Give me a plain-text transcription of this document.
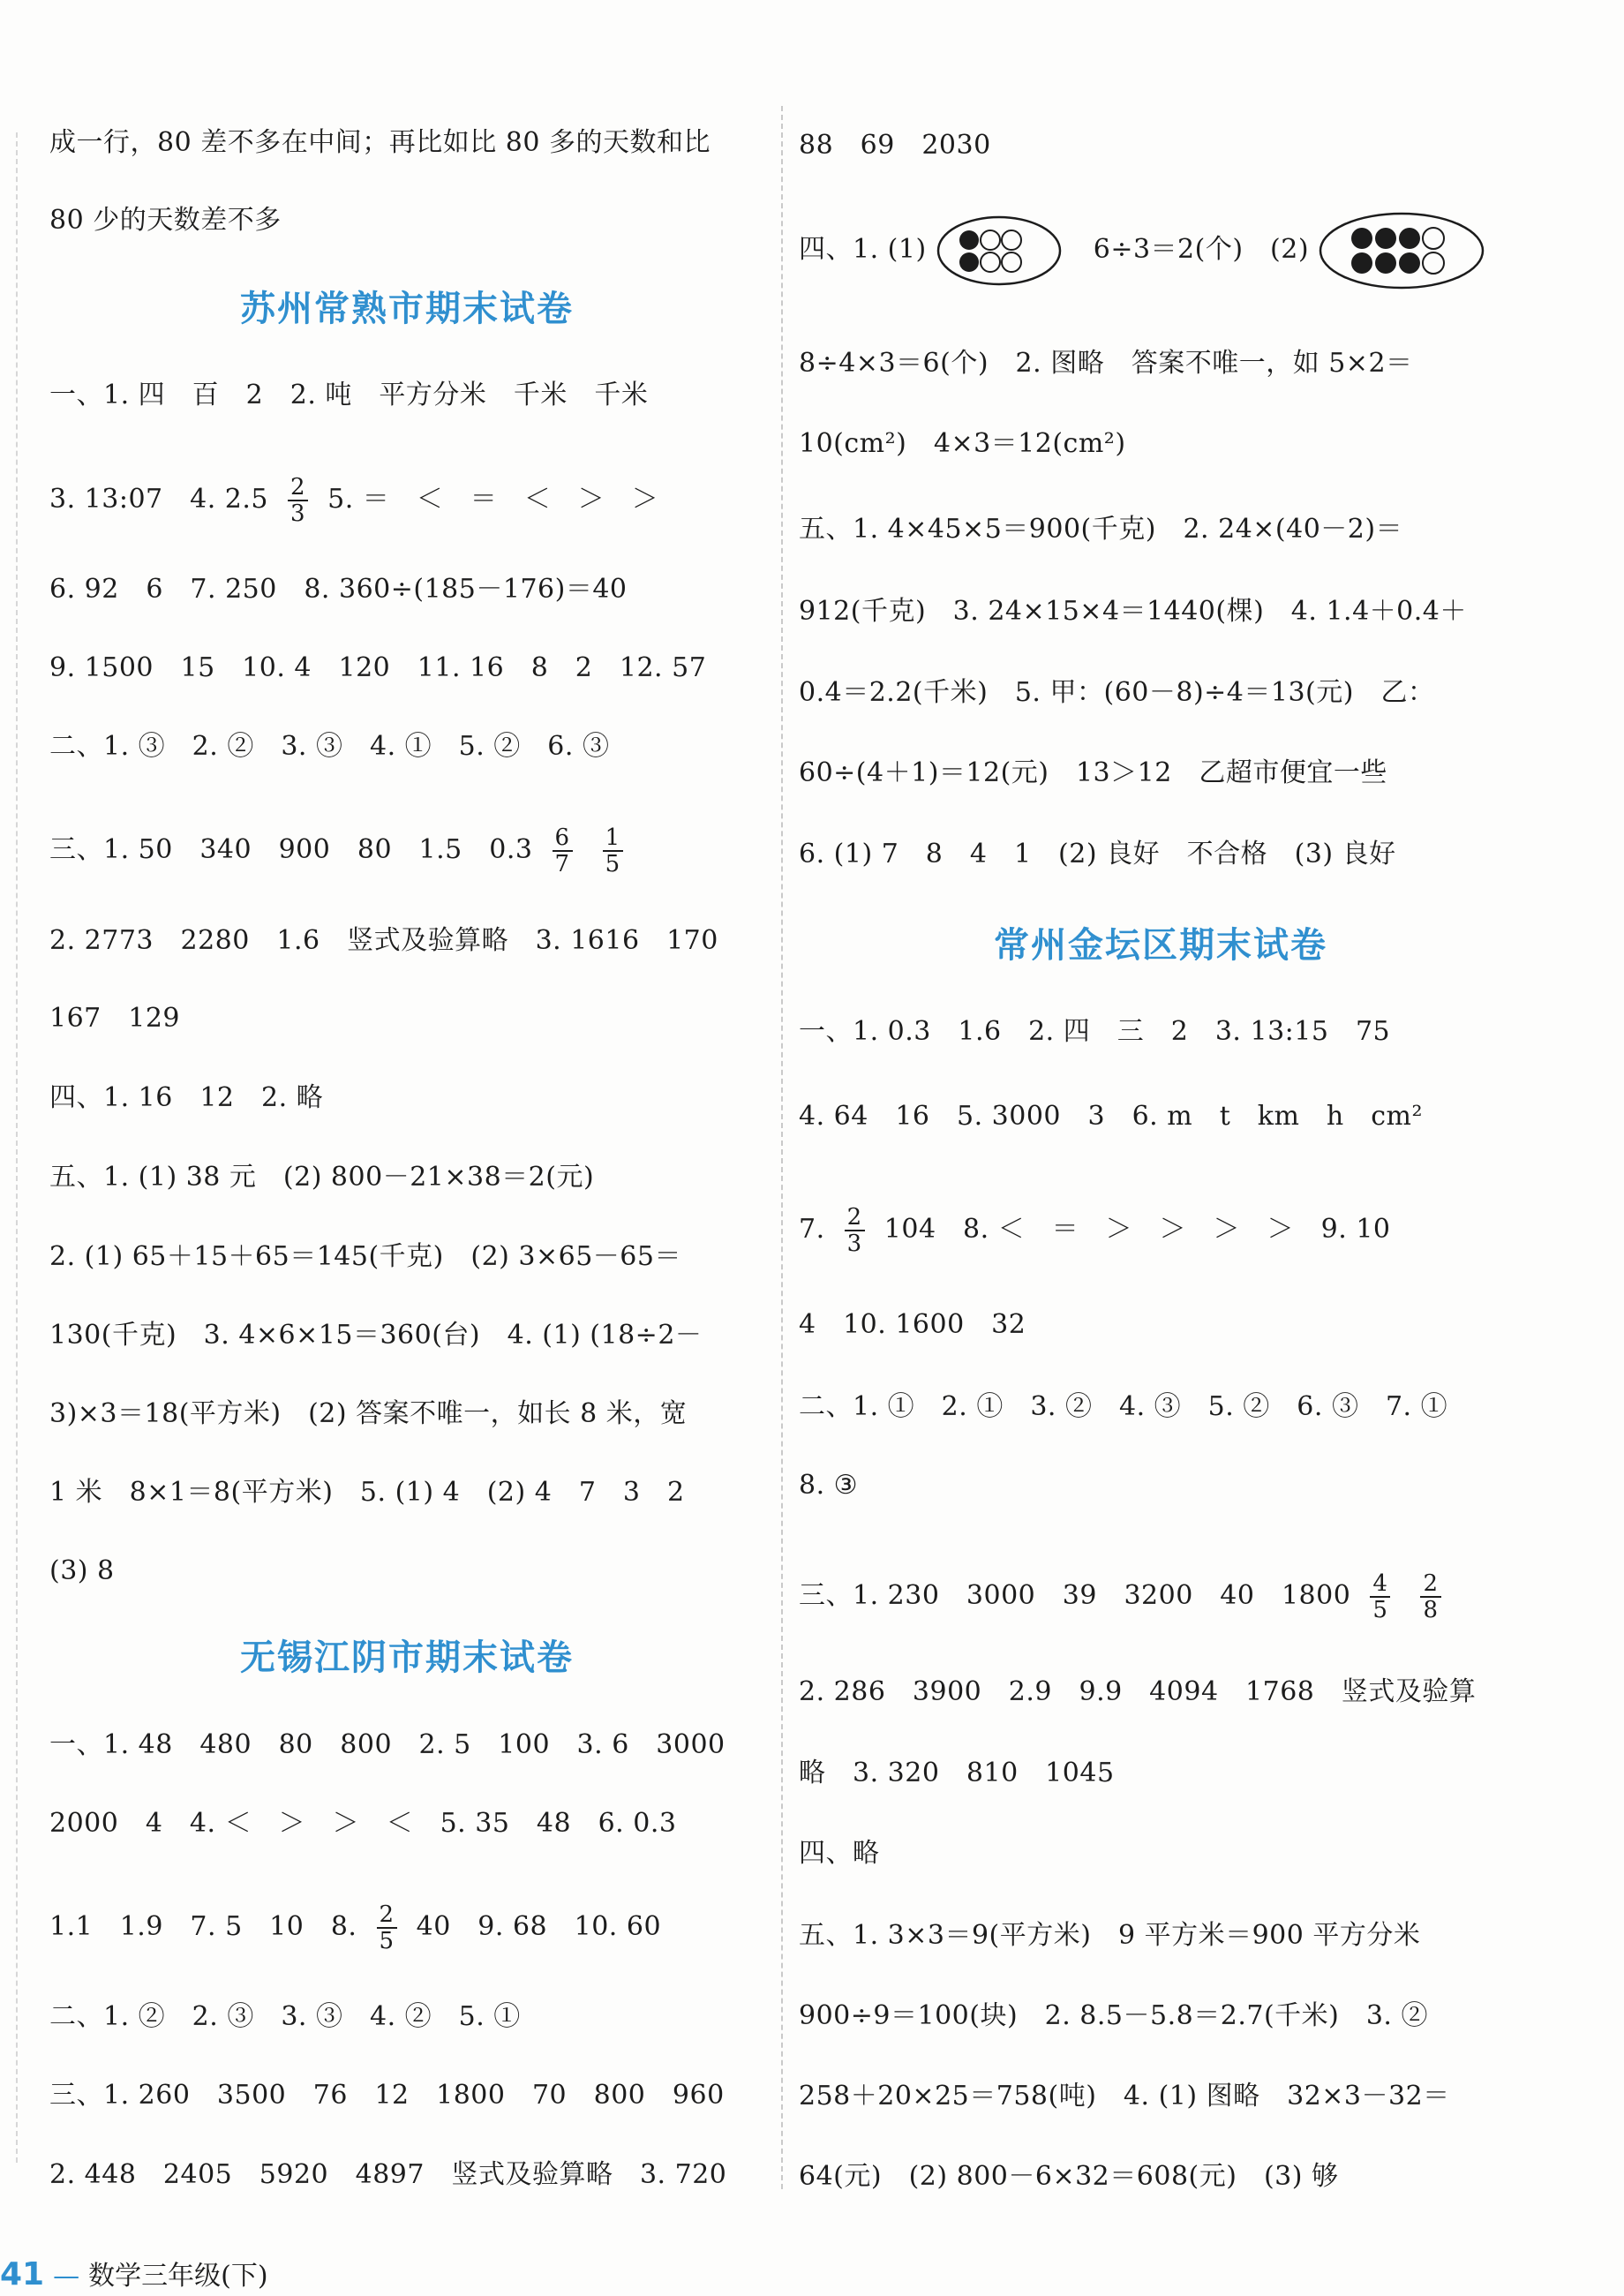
成一行，80 差不多在中间；再比如比 80 多的天数和比
80 少的天数差不多
苏州常熟市期末试卷
一、1. 四　百　2　2. 吨　平方分米　千米　千米
3. 13:07　4. $2.5 \frac{2}{3} 5$. ＝　＜　＝　＜　＞　＞
6. 92　6　7. 250　8. 360÷(185－176)＝40
9. 1500　15　10. 4　120　11. 16　8　2　12. 57
二、1. ③　2. ②　3. ③　4. ①　5. ②　6. ③
三、1. 50　340　900　80　1.5　$0.3 \frac{6}{7}$
$\frac{1}{5}$
2. 2773　2280　1.6　竖式及验算略　3. 1616　170
167　129
四、1. 16　12　2. 略
五、1. (1) 38 元　(2) 800－21×38＝2(元)
2. (1) 65＋15＋65＝145(千克)　(2) 3×65－65＝
130(千克)　3. 4×6×15＝360(台)　4. (1) (18÷2－
3)×3＝18(平方米)　(2) 答案不唯一，如长 8 米，宽
1 米　8×1＝8(平方米)　5. (1) 4　(2) 4　7　3　2
(3) 8
无锡江阴市期末试卷
一、1. 48　480　80　800　2. 5　100　3. 6　3000
2000　4　4. ＜　＞　＞　＜　5. 35　48　6. 0.3
1.1　1.9　7. 5　10　8. $\frac{2}{5} 40$　9. 68　10. 60
二、1. ②　2. ③　3. ③　4. ②　5. ①
三、1. 260　3500　76　12　1800　70　800　960
2. 448　2405　5920　4897　竖式及验算略　3. 720
88　69　2030
四、1. (1)	6÷3＝2(个)　(2)
8÷4×3＝6(个)　2. 图略　答案不唯一，如 5×2＝
10(cm²)　4×3＝12(cm²)
五、1. 4×45×5＝900(千克)　2. 24×(40－2)＝
912(千克)　3. 24×15×4＝1440(棵)　4. 1.4＋0.4＋
0.4＝2.2(千米)　5. 甲：(60－8)÷4＝13(元)　乙：
60÷(4＋1)＝12(元)　13＞12　乙超市便宜一些
6. (1) 7　8　4　1　(2) 良好　不合格　(3) 良好
常州金坛区期末试卷
一、1. 0.3　1.6　2. 四　三　2　3. 13:15　75
4. 64　16　5. 3000　3　6. m　t　km　h　cm²
7. $\frac{2}{3} 104$　8. ＜　＝　＞　＞　＞　＞　9. 10
4　10. 1600　32
二、1. ①　2. ①　3. ②　4. ③　5. ②　6. ③　7. ①
8. ③
三、1. 230　3000　39　3200　40　$1800 \frac{4}{5}$
$\frac{2}{8}$
2. 286　3900　2.9　9.9　4094　1768　竖式及验算
略　3. 320　810　1045
四、略
五、1. 3×3＝9(平方米)　9 平方米＝900 平方分米
900÷9＝100(块)　2. 8.5－5.8＝2.7(千米)　3. ②
258＋20×25＝758(吨)　4. (1) 图略　32×3－32＝
64(元)　(2) 800－6×32＝608(元)　(3) 够
41 — 数学三年级(下)
